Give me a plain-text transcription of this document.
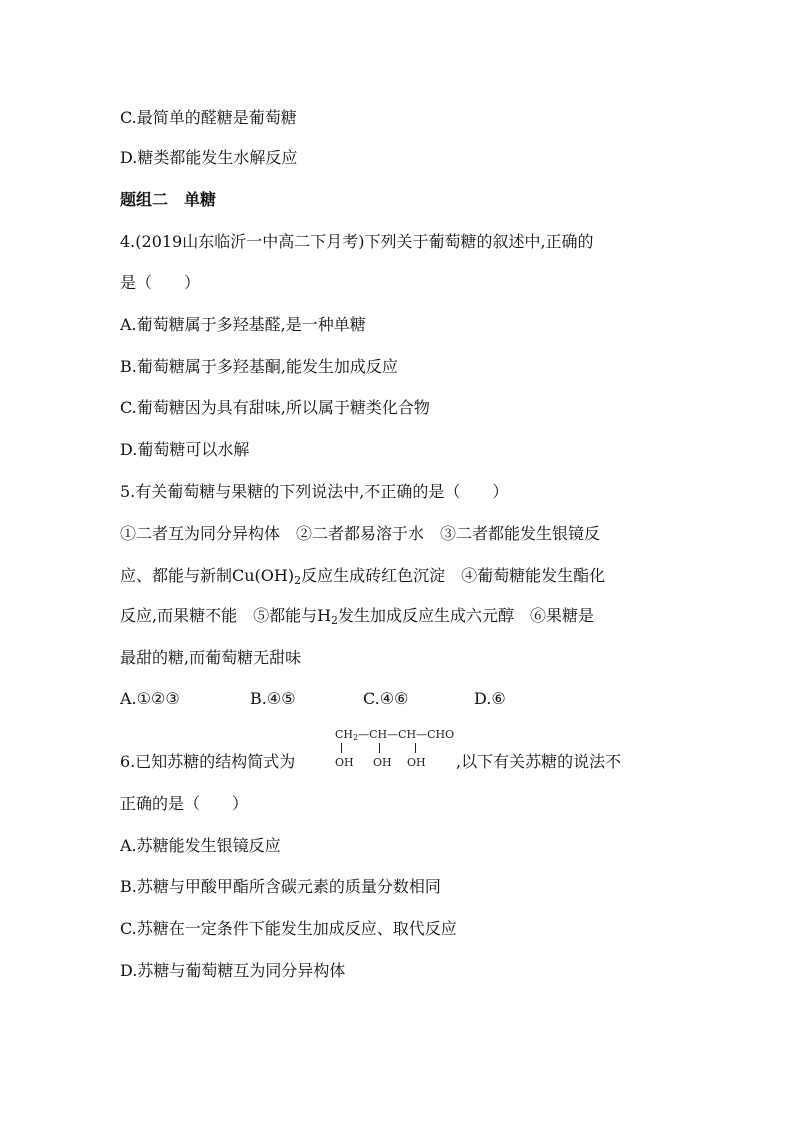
C.最简单的醛糖是葡萄糖
D.糖类都能发生水解反应
题组二　单糖
4.(2019山东临沂一中高二下月考)下列关于葡萄糖的叙述中,正确的
是（　　）
A.葡萄糖属于多羟基醛,是一种单糖
B.葡萄糖属于多羟基酮,能发生加成反应
C.葡萄糖因为具有甜味,所以属于糖类化合物
D.葡萄糖可以水解
5.有关葡萄糖与果糖的下列说法中,不正确的是（　　）
①二者互为同分异构体　②二者都易溶于水　③二者都能发生银镜反
应、都能与新制$Cu(OH)_2$反应生成砖红色沉淀　④葡萄糖能发生酯化
反应,而果糖不能　⑤都能与$H_2$发生加成反应生成六元醇　⑥果糖是
最甜的糖,而葡萄糖无甜味
A.①②③	B.④⑤	C.④⑥	D.⑥
6.已知苏糖的结构简式为
$CH_2—CH—CH—CHO$
OH OH OH ,以下有关苏糖的说法不
正确的是（　　）
A.苏糖能发生银镜反应
B.苏糖与甲酸甲酯所含碳元素的质量分数相同
C.苏糖在一定条件下能发生加成反应、取代反应
D.苏糖与葡萄糖互为同分异构体
